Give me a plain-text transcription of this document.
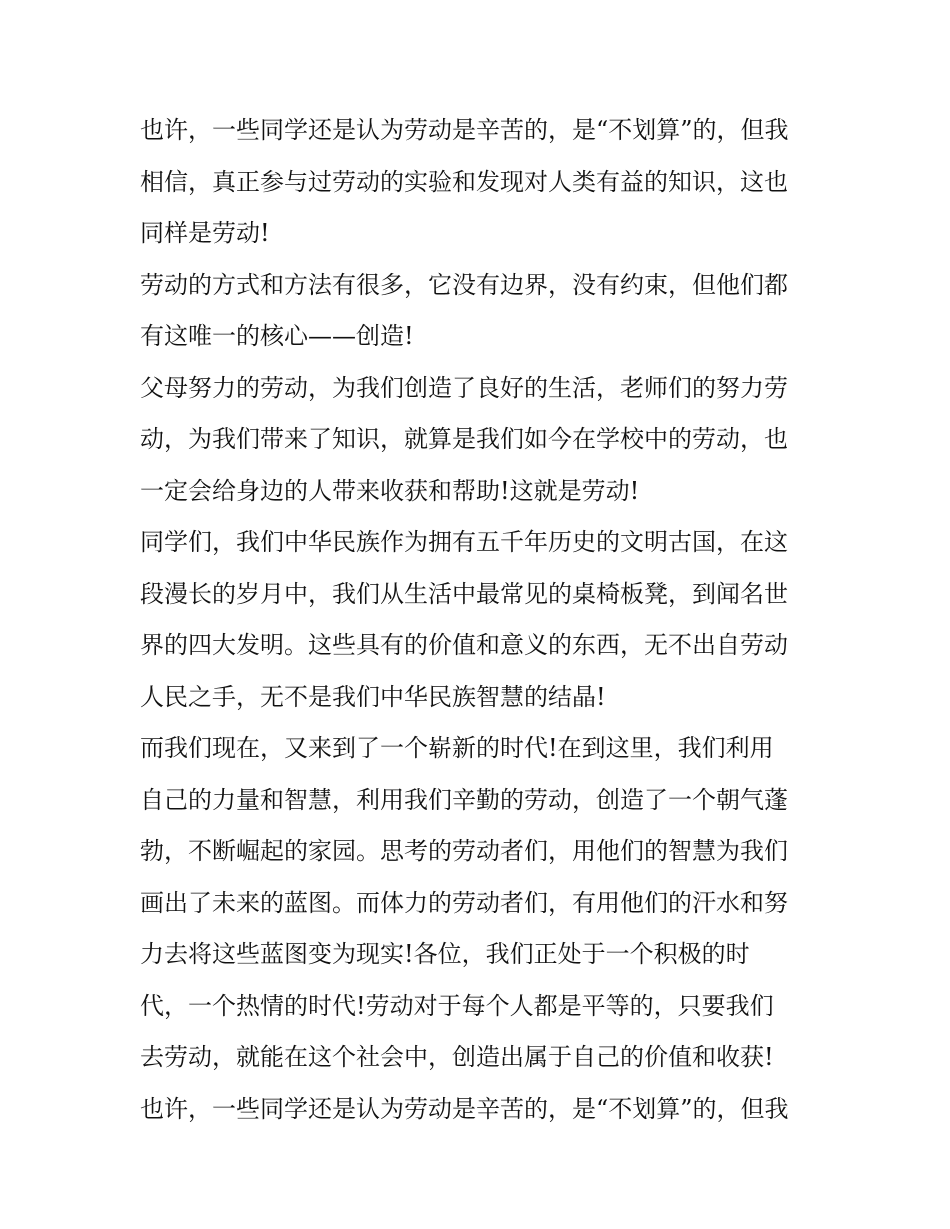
也许，一些同学还是认为劳动是辛苦的，是“不划算”的，但我
相信，真正参与过劳动的实验和发现对人类有益的知识，这也
同样是劳动!
劳动的方式和方法有很多，它没有边界，没有约束，但他们都
有这唯一的核心——创造!
父母努力的劳动，为我们创造了良好的生活，老师们的努力劳
动，为我们带来了知识，就算是我们如今在学校中的劳动，也
一定会给身边的人带来收获和帮助!这就是劳动!
同学们，我们中华民族作为拥有五千年历史的文明古国，在这
段漫长的岁月中，我们从生活中最常见的桌椅板凳，到闻名世
界的四大发明。这些具有的价值和意义的东西，无不出自劳动
人民之手，无不是我们中华民族智慧的结晶!
而我们现在，又来到了一个崭新的时代!在到这里，我们利用
自己的力量和智慧，利用我们辛勤的劳动，创造了一个朝气蓬
勃，不断崛起的家园。思考的劳动者们，用他们的智慧为我们
画出了未来的蓝图。而体力的劳动者们，有用他们的汗水和努
力去将这些蓝图变为现实!各位，我们正处于一个积极的时
代，一个热情的时代!劳动对于每个人都是平等的，只要我们
去劳动，就能在这个社会中，创造出属于自己的价值和收获!
也许，一些同学还是认为劳动是辛苦的，是“不划算”的，但我
